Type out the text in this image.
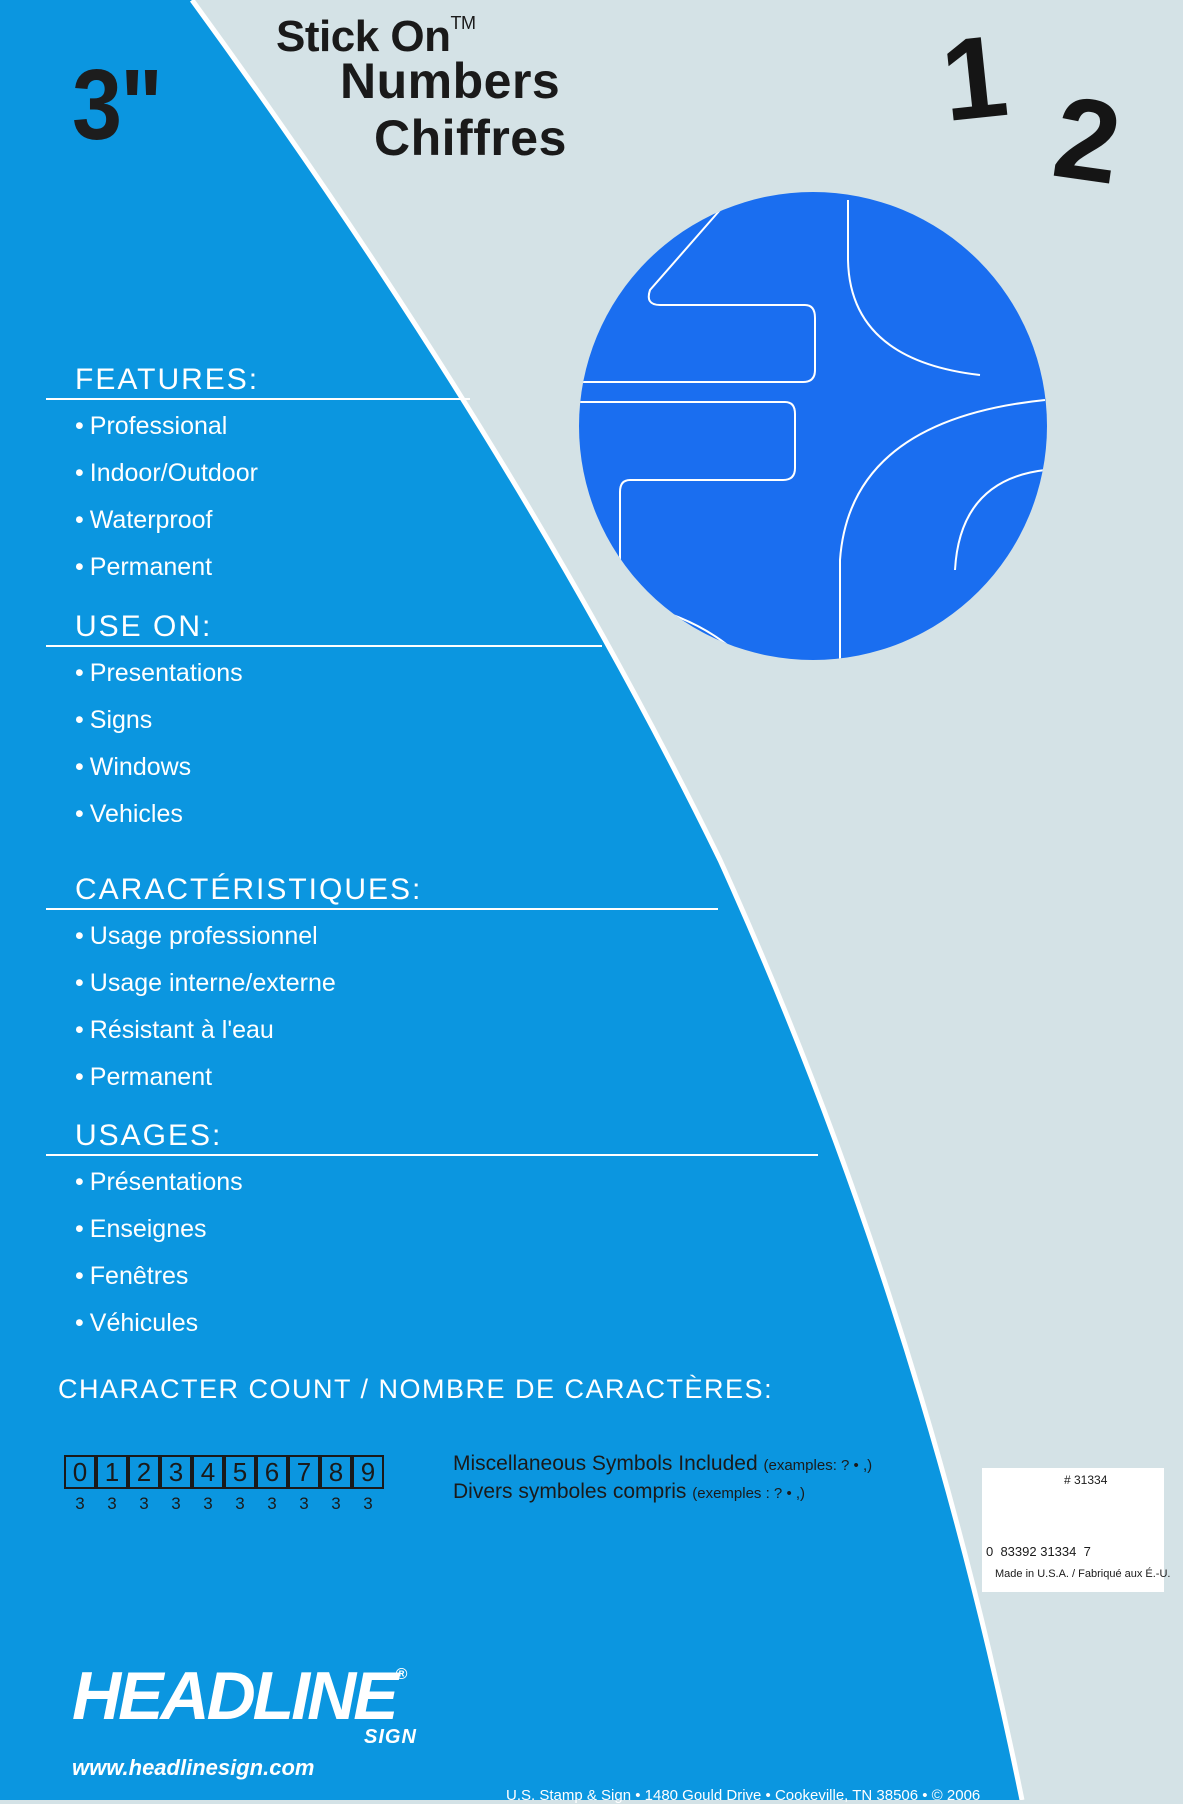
3"
Stick On™
Numbers
Chiffres	1 2
FEATURES:
• Professional
• Indoor/Outdoor
• Waterproof
• Permanent
USE ON:
• Presentations
• Signs
• Windows
• Vehicles
CARACTÉRISTIQUES:
• Usage professionnel
• Usage interne/externe
• Résistant à l'eau
• Permanent
USAGES:
• Présentations
• Enseignes
• Fenêtres
• Véhicules
CHARACTER COUNT / NOMBRE DE CARACTÈRES:
0 1 2 3 4 5 6 7 8 9
3	3	3	3	3	3	3	3	3	3
Miscellaneous Symbols Included (examples: ? • ,)
Divers symboles compris (exemples : ? • ,)
# 31334
0  83392 31334  7
Made in U.S.A. / Fabriqué aux É.-U.
HEADLINE®
SIGN
www.headlinesign.com
U.S. Stamp & Sign • 1480 Gould Drive • Cookeville, TN 38506 • © 2006
